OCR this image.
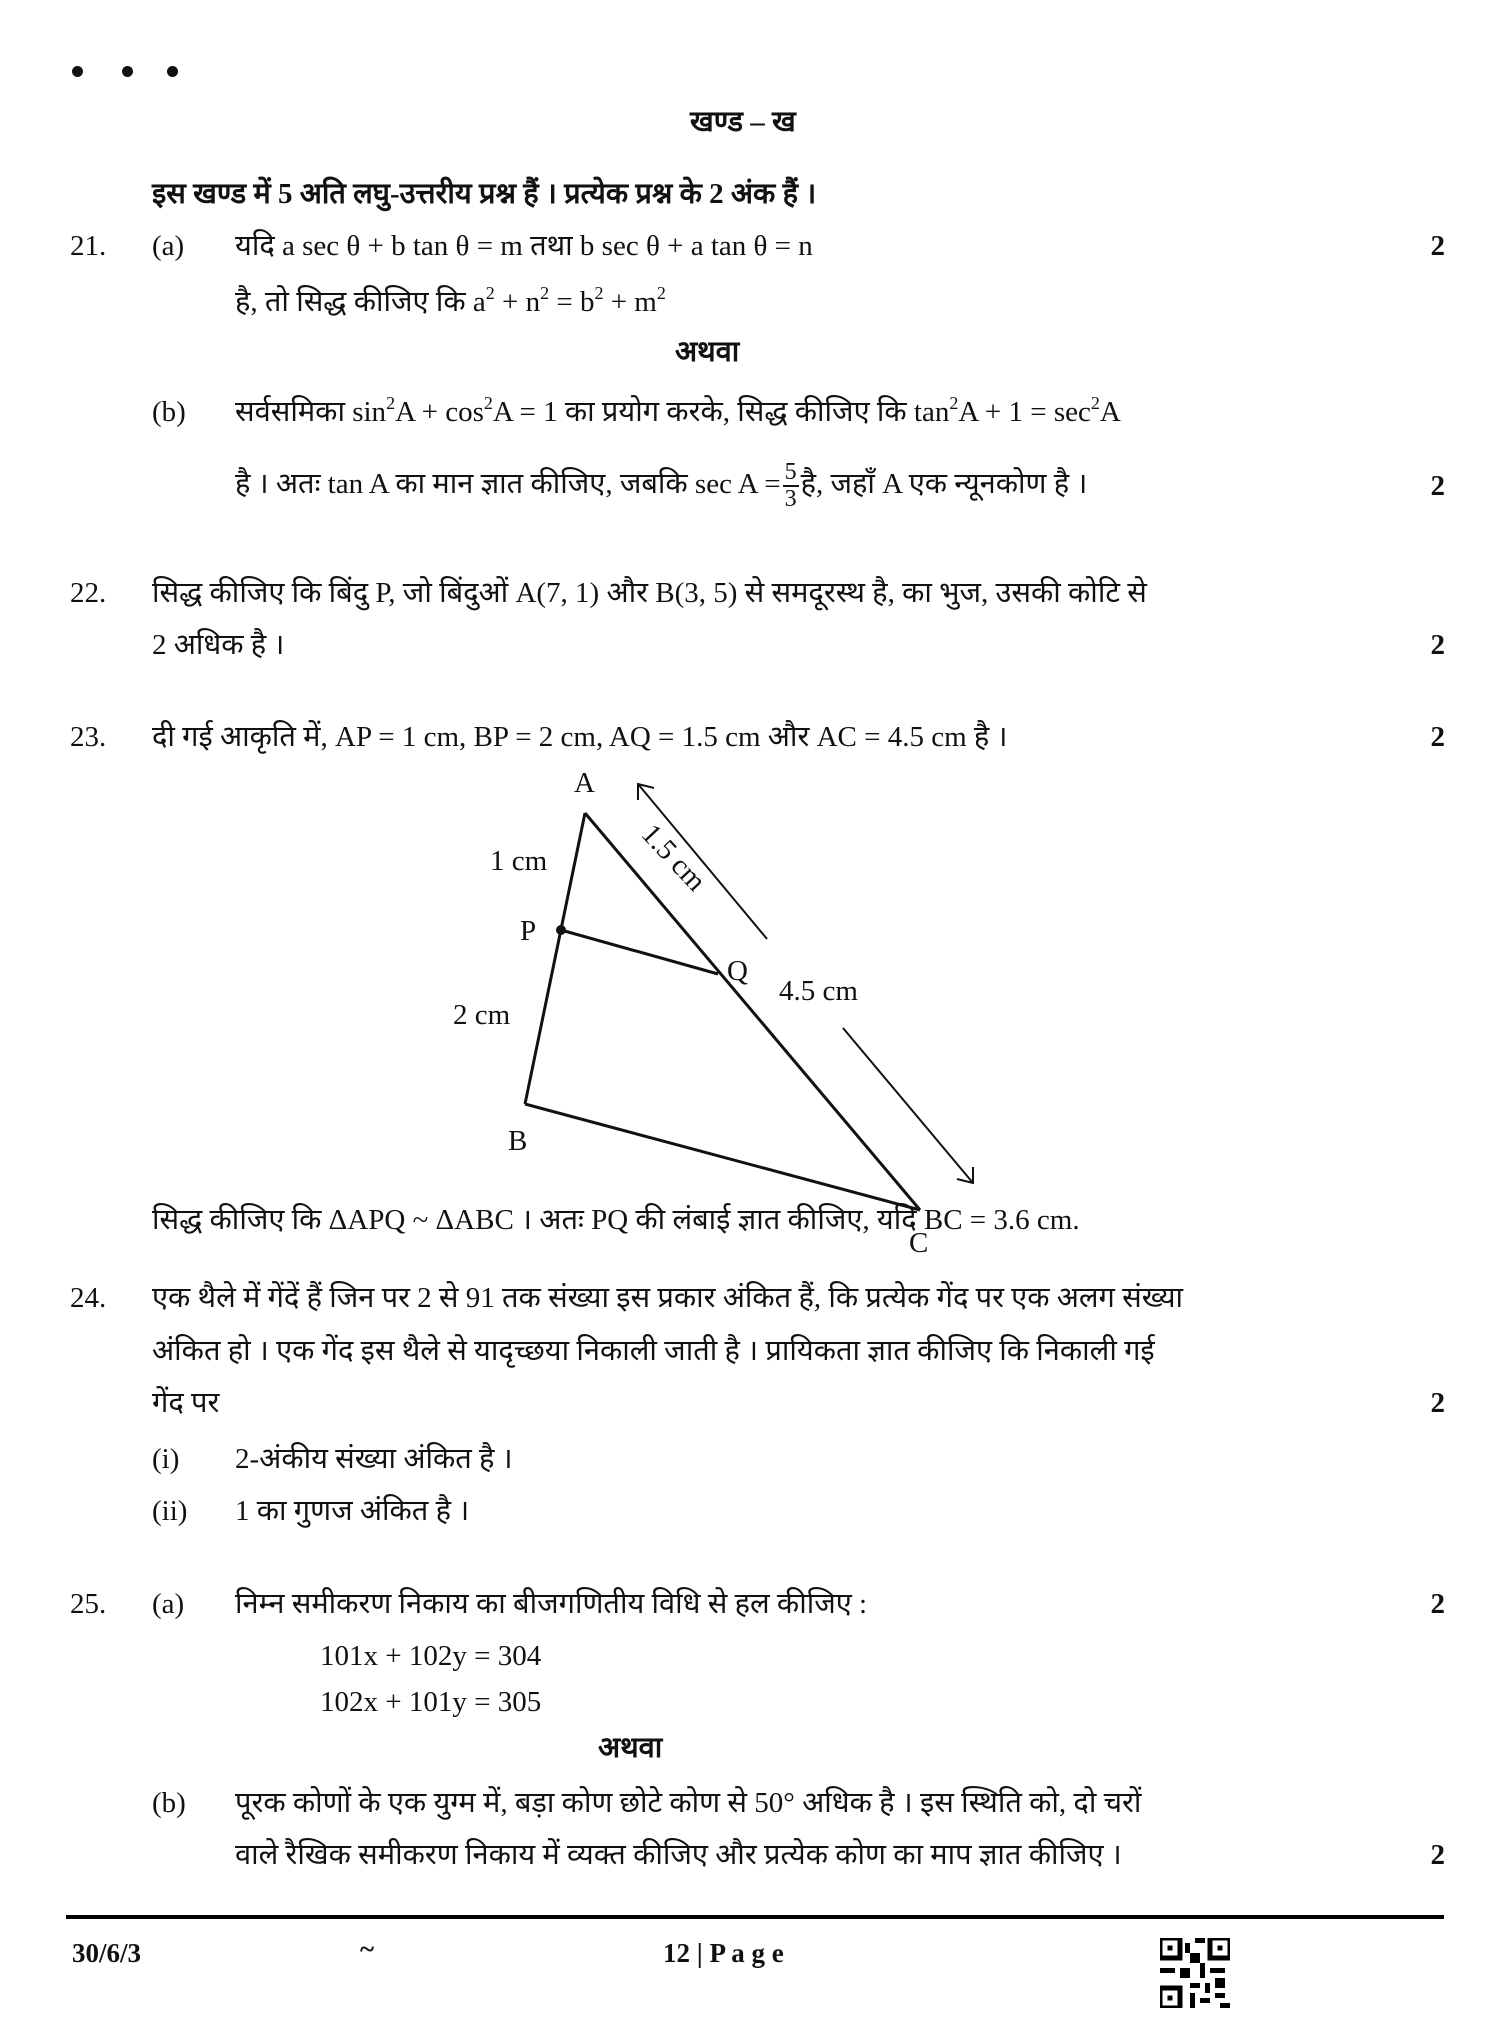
खण्ड – ख
इस खण्ड में 5 अति लघु-उत्तरीय प्रश्न हैं । प्रत्येक प्रश्न के 2 अंक हैं ।
21. (a) यदि a sec θ + b tan θ = m तथा b sec θ + a tan θ = n	2
है, तो सिद्ध कीजिए कि $a^2 + n^2 = b^2 + m^2$
अथवा
(b) सर्वसमिका $\sin^2A + \cos^2A = 1$ का प्रयोग करके, सिद्ध कीजिए कि $\tan^2A + 1 = \sec^2A$
है । अतः tan A का मान ज्ञात कीजिए, जबकि $\sec A = \frac{5}{3}$ है, जहाँ A एक न्यूनकोण है ।	2
22. सिद्ध कीजिए कि बिंदु P, जो बिंदुओं A(7, 1) और B(3, 5) से समदूरस्थ है, का भुज, उसकी कोटि से
2 अधिक है ।	2
23. दी गई आकृति में, AP = 1 cm, BP = 2 cm, AQ = 1.5 cm और AC = 4.5 cm है ।	2
A
B
C
P
Q
1 cm
2 cm
4.5 cm
1.5 cm
सिद्ध कीजिए कि ΔAPQ ~ ΔABC । अतः PQ की लंबाई ज्ञात कीजिए, यदि BC = 3.6 cm.
24. एक थैले में गेंदें हैं जिन पर 2 से 91 तक संख्या इस प्रकार अंकित हैं, कि प्रत्येक गेंद पर एक अलग संख्या
अंकित हो । एक गेंद इस थैले से यादृच्छया निकाली जाती है । प्रायिकता ज्ञात कीजिए कि निकाली गई
गेंद पर	2
(i) 2-अंकीय संख्या अंकित है ।
(ii) 1 का गुणज अंकित है ।
25. (a) निम्न समीकरण निकाय का बीजगणितीय विधि से हल कीजिए :	2
101x + 102y = 304
102x + 101y = 305
अथवा
(b) पूरक कोणों के एक युग्म में, बड़ा कोण छोटे कोण से 50° अधिक है । इस स्थिति को, दो चरों
वाले रैखिक समीकरण निकाय में व्यक्त कीजिए और प्रत्येक कोण का माप ज्ञात कीजिए ।	2
30/6/3	~	12 | P a g e
